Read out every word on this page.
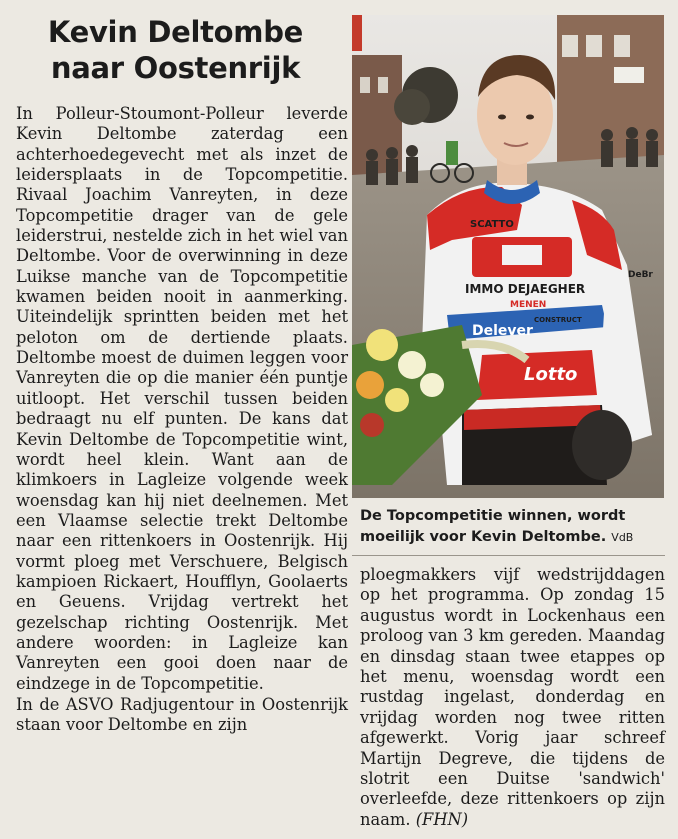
Kevin Deltombe
naar Oostenrijk

In Polleur-Stoumont-Polleur leverde Kevin Deltombe zaterdag een achterhoedegevecht met als inzet de leidersplaats in de Topcompetitie. Rivaal Joachim Vanreyten, in deze Topcompetitie drager van de gele leiderstrui, nestelde zich in het wiel van Deltombe. Voor de overwinning in deze Luikse manche van de Topcompetitie kwamen beiden nooit in aanmerking. Uiteindelijk sprintten beiden met het peloton om de dertiende plaats. Deltombe moest de duimen leggen voor Vanreyten die op die manier één puntje uitloopt. Het verschil tussen beiden bedraagt nu elf punten. De kans dat Kevin Deltombe de Topcompetitie wint, wordt heel klein. Want aan de klimkoers in Lagleize volgende week woensdag kan hij niet deelnemen. Met een Vlaamse selectie trekt Deltombe naar een rittenkoers in Oostenrijk. Hij vormt ploeg met Verschuere, Belgisch kampioen Rickaert, Houfflyn, Goolaerts en Geuens. Vrijdag vertrekt het gezelschap richting Oostenrijk. Met andere woorden: in Lagleize kan Vanreyten een gooi doen naar de eindzege in de Topcompetitie.

In de ASVO Radjugentour in Oostenrijk staan voor Deltombe en zijn

SCATTO
IMMO DEJAEGHER
MENEN
CONSTRUCT
Delever
Lotto
DeBr
De Topcompetitie winnen, wordt moeilijk voor Kevin Deltombe. VdB

ploegmakkers vijf wedstrijddagen op het programma. Op zondag 15 augustus wordt in Lockenhaus een proloog van 3 km gereden. Maandag en dinsdag staan twee etappes op het menu, woensdag wordt een rustdag ingelast, donderdag en vrijdag worden nog twee ritten afgewerkt. Vorig jaar schreef Martijn Degreve, die tijdens de slotrit een Duitse 'sandwich' overleefde, deze rittenkoers op zijn naam. (FHN)
